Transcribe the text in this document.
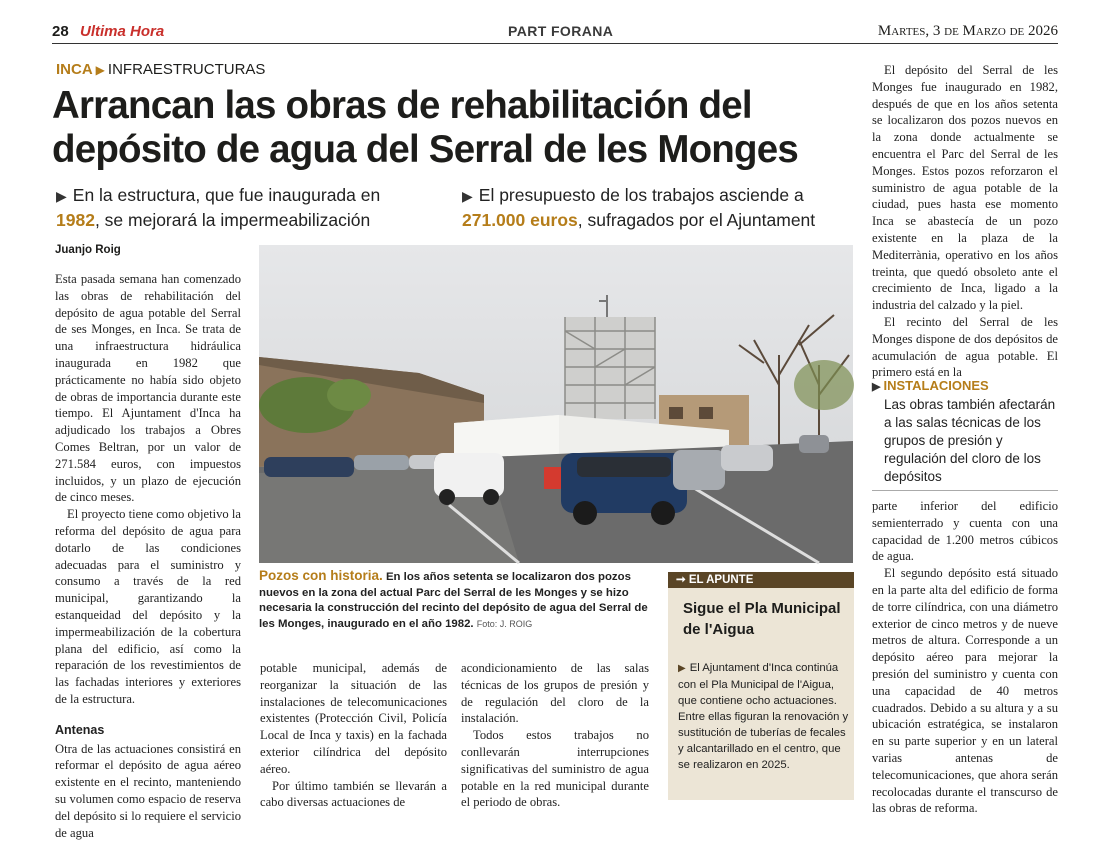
28 Ultima Hora	PART FORANA	Martes, 3 de Marzo de 2026
INCA ▶ INFRAESTRUCTURAS
Arrancan las obras de rehabilitación del depósito de agua del Serral de les Monges
▶ En la estructura, que fue inaugurada en 1982, se mejorará la impermeabilización
▶ El presupuesto de los trabajos asciende a 271.000 euros, sufragados por el Ajuntament
Juanjo Roig

Esta pasada semana han comenzado las obras de rehabilitación del depósito de agua potable del Serral de ses Monges, en Inca. Se trata de una infraestructura hidráulica inaugurada en 1982 que prácticamente no había sido objeto de obras de importancia durante este tiempo. El Ajuntament d'Inca ha adjudicado los trabajos a Obres Comes Beltran, por un valor de 271.584 euros, con impuestos incluidos, y un plazo de ejecución de cinco meses.

El proyecto tiene como objetivo la reforma del depósito de agua para dotarlo de las condiciones adecuadas para el suministro y consumo a través de la red municipal, garantizando la estanqueidad del depósito y la impermeabilización de la cobertura plana del edificio, así como la reparación de los revestimientos de las fachadas interiores y exteriores de la estructura.

Antenas

Otra de las actuaciones consistirá en reformar el depósito de agua aéreo existente en el recinto, manteniendo su volumen como espacio de reserva del depósito si lo requiere el servicio de agua

Pozos con historia. En los años setenta se localizaron dos pozos nuevos en la zona del actual Parc del Serral de les Monges y se hizo necesaria la construcción del recinto del depósito de agua del Serral de les Monges, inaugurado en el año 1982. Foto: J. ROIG

potable municipal, además de reorganizar la situación de las instalaciones de telecomunicaciones existentes (Protección Civil, Policía Local de Inca y taxis) en la fachada exterior cilíndrica del depósito aéreo.

Por último también se llevarán a cabo diversas actuaciones de

acondicionamiento de las salas técnicas de los grupos de presión y de regulación del cloro de la instalación.

Todos estos trabajos no conllevarán interrupciones significativas del suministro de agua potable en la red municipal durante el periodo de obras.

➞ EL APUNTE
Sigue el Pla Municipal de l'Aigua
▶ El Ajuntament d'Inca continúa con el Pla Municipal de l'Aigua, que contiene ocho actuaciones. Entre ellas figuran la renovación y sustitución de tuberías de fecales y alcantarillado en el centro, que se realizaron en 2025.

El depósito del Serral de les Monges fue inaugurado en 1982, después de que en los años setenta se localizaron dos pozos nuevos en la zona donde actualmente se encuentra el Parc del Serral de les Monges. Estos pozos reforzaron el suministro de agua potable de la ciudad, pues hasta ese momento Inca se abastecía de un pozo existente en la plaza de la Mediterrània, operativo en los años treinta, que quedó obsoleto ante el crecimiento de Inca, ligado a la industria del calzado y la piel.

El recinto del Serral de les Monges dispone de dos depósitos de acumulación de agua potable. El primero está en la

▶ INSTALACIONES
Las obras también afectarán a las salas técnicas de los grupos de presión y regulación del cloro de los depósitos

parte inferior del edificio semienterrado y cuenta con una capacidad de 1.200 metros cúbicos de agua.

El segundo depósito está situado en la parte alta del edificio de forma de torre cilíndrica, con una diámetro exterior de cinco metros y de nueve metros de altura. Corresponde a un depósito aéreo para mejorar la presión del suministro y cuenta con una capacidad de 40 metros cuadrados. Debido a su altura y a su ubicación estratégica, se instalaron en su parte superior y en un lateral varias antenas de telecomunicaciones, que ahora serán recolocadas durante el transcurso de las obras de reforma.
